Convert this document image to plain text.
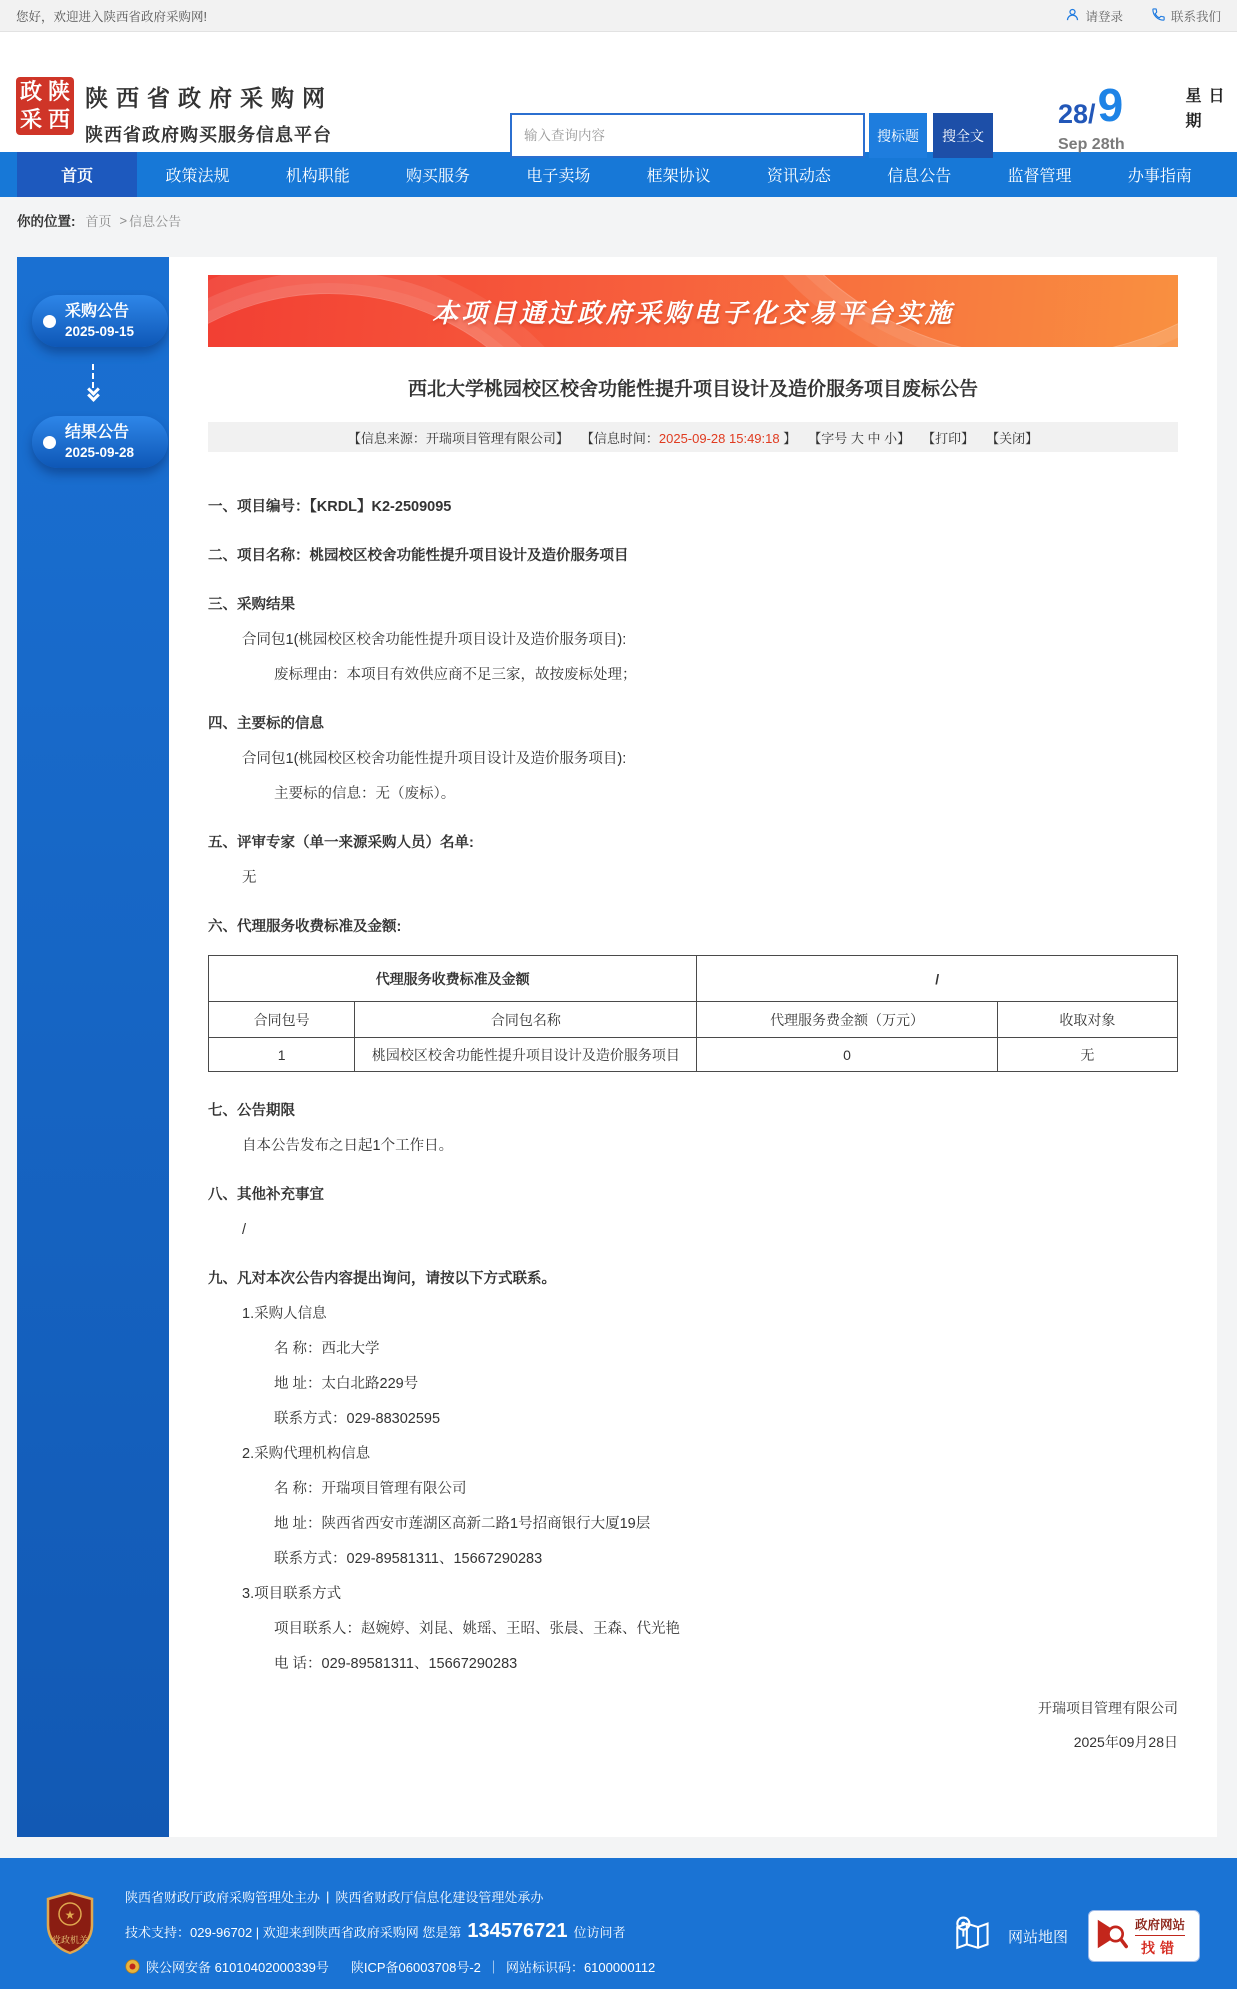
您好，欢迎进入陕西省政府采购网!	请登录	联系我们
政 陕
采 西
陕西省政府采购网
陕西省政府购买服务信息平台
输入查询内容	搜标题	搜全文
28 / 9
Sep 28th
星期日
首页	政策法规	机构职能	购买服务	电子卖场	框架协议	资讯动态	信息公告	监督管理	办事指南
你的位置: 首页 > 信息公告
采购公告
2025-09-15
结果公告
2025-09-28
本项目通过政府采购电子化交易平台实施
西北大学桃园校区校舍功能性提升项目设计及造价服务项目废标公告
【信息来源：开瑞项目管理有限公司】 【信息时间：2025-09-28 15:49:18 】 【字号 大 中 小】 【打印】 【关闭】
一、项目编号：【KRDL】K2-2509095
二、项目名称：桃园校区校舍功能性提升项目设计及造价服务项目
三、采购结果
合同包1(桃园校区校舍功能性提升项目设计及造价服务项目):
废标理由：本项目有效供应商不足三家，故按废标处理；
四、主要标的信息
合同包1(桃园校区校舍功能性提升项目设计及造价服务项目):
主要标的信息：无（废标）。
五、评审专家（单一来源采购人员）名单:
无
六、代理服务收费标准及金额:
代理服务收费标准及金额		/	
合同包号	合同包名称	代理服务费金额（万元）	收取对象
1	桃园校区校舍功能性提升项目设计及造价服务项目	0	无
七、公告期限
自本公告发布之日起1个工作日。
八、其他补充事宜
/
九、凡对本次公告内容提出询问，请按以下方式联系。
1.采购人信息
名 称：西北大学
地 址：太白北路229号
联系方式：029-88302595
2.采购代理机构信息
名 称：开瑞项目管理有限公司
地 址：陕西省西安市莲湖区高新二路1号招商银行大厦19层
联系方式：029-89581311、15667290283
3.项目联系方式
项目联系人：赵婉婷、刘昆、姚瑶、王昭、张晨、王森、代光艳
电 话：029-89581311、15667290283
开瑞项目管理有限公司
2025年09月28日
★
党政机关
陕西省财政厅政府采购管理处主办 | 陕西省财政厅信息化建设管理处承办
技术支持：029-96702 | 欢迎来到陕西省政府采购网 您是第 134576721 位访问者
陕公网安备 61010402000339号 陕ICP备06003708号-2 ｜ 网站标识码：6100000112
网站地图
政府网站
找错
